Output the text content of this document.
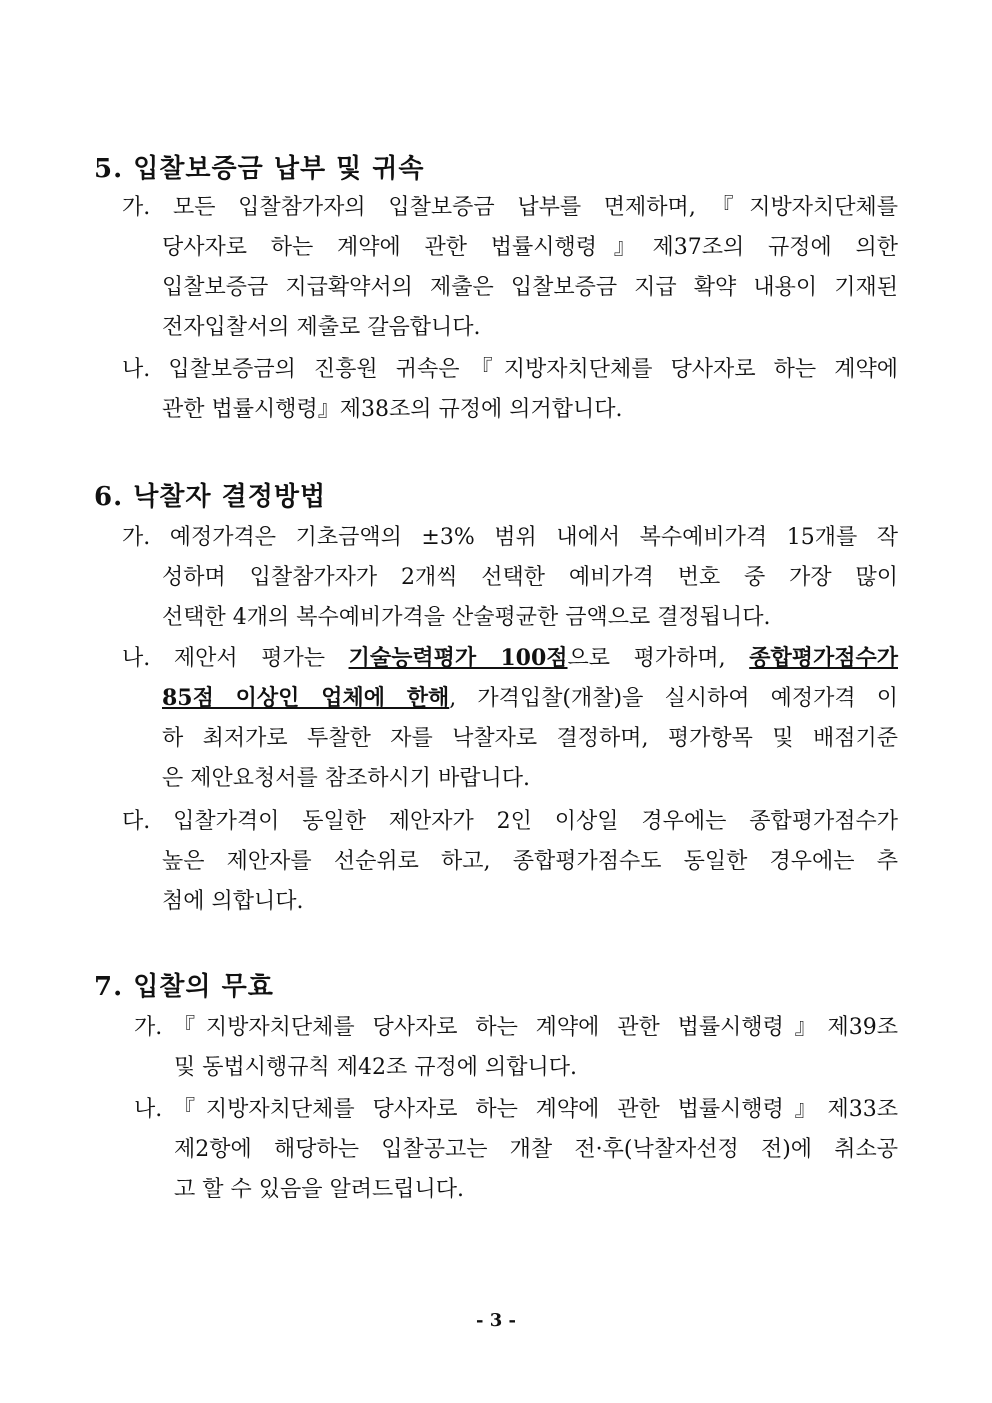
5. 입찰보증금 납부 및 귀속
가. 모든 입찰참가자의 입찰보증금 납부를 면제하며,『지방자치단체를
당사자로 하는 계약에 관한 법률시행령』제37조의 규정에 의한
입찰보증금 지급확약서의 제출은 입찰보증금 지급 확약 내용이 기재된
전자입찰서의 제출로 갈음합니다.
나. 입찰보증금의 진흥원 귀속은『지방자치단체를 당사자로 하는 계약에
관한 법률시행령』제38조의 규정에 의거합니다.
6. 낙찰자 결정방법
가. 예정가격은 기초금액의 ±3% 범위 내에서 복수예비가격 15개를 작
성하며 입찰참가자가 2개씩 선택한 예비가격 번호 중 가장 많이
선택한 4개의 복수예비가격을 산술평균한 금액으로 결정됩니다.
나. 제안서 평가는 기술능력평가 100점으로 평가하며, 종합평가점수가
85점 이상인 업체에 한해, 가격입찰(개찰)을 실시하여 예정가격 이
하 최저가로 투찰한 자를 낙찰자로 결정하며, 평가항목 및 배점기준
은 제안요청서를 참조하시기 바랍니다.
다. 입찰가격이 동일한 제안자가 2인 이상일 경우에는 종합평가점수가
높은 제안자를 선순위로 하고, 종합평가점수도 동일한 경우에는 추
첨에 의합니다.
7. 입찰의 무효
가.『지방자치단체를 당사자로 하는 계약에 관한 법률시행령』제39조
및 동법시행규칙 제42조 규정에 의합니다.
나.『지방자치단체를 당사자로 하는 계약에 관한 법률시행령』제33조
제2항에 해당하는 입찰공고는 개찰 전·후(낙찰자선정 전)에 취소공
고 할 수 있음을 알려드립니다.
- 3 -
